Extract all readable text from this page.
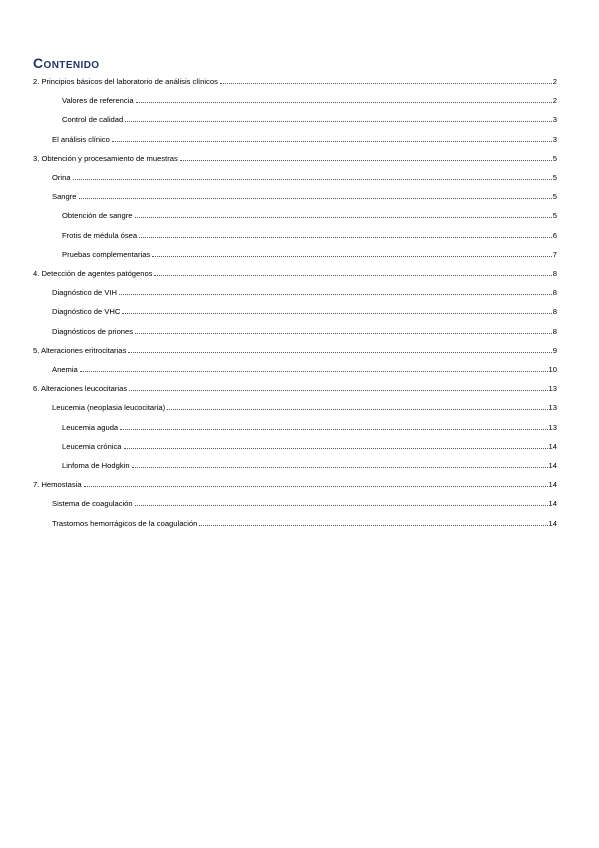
Contenido
2. Principios básicos del laboratorio de análisis clínicos	2
Valores de referencia	2
Control de calidad	3
El análisis clínico	3
3. Obtención y procesamiento de muestras	5
Orina	5
Sangre	5
Obtención de sangre	5
Frotis de médula ósea	6
Pruebas complementarias	7
4. Detección de agentes patógenos	8
Diagnóstico de VIH	8
Diagnóstico de VHC	8
Diagnósticos de priones	8
5. Alteraciones eritrocitarias	9
Anemia	10
6. Alteraciones leucocitarias	13
Leucemia (neoplasia leucocitaria)	13
Leucemia aguda	13
Leucemia crónica	14
Linfoma de Hodgkin	14
7. Hemostasia	14
Sistema de coagulación	14
Trastornos hemorrágicos de la coagulación	14
